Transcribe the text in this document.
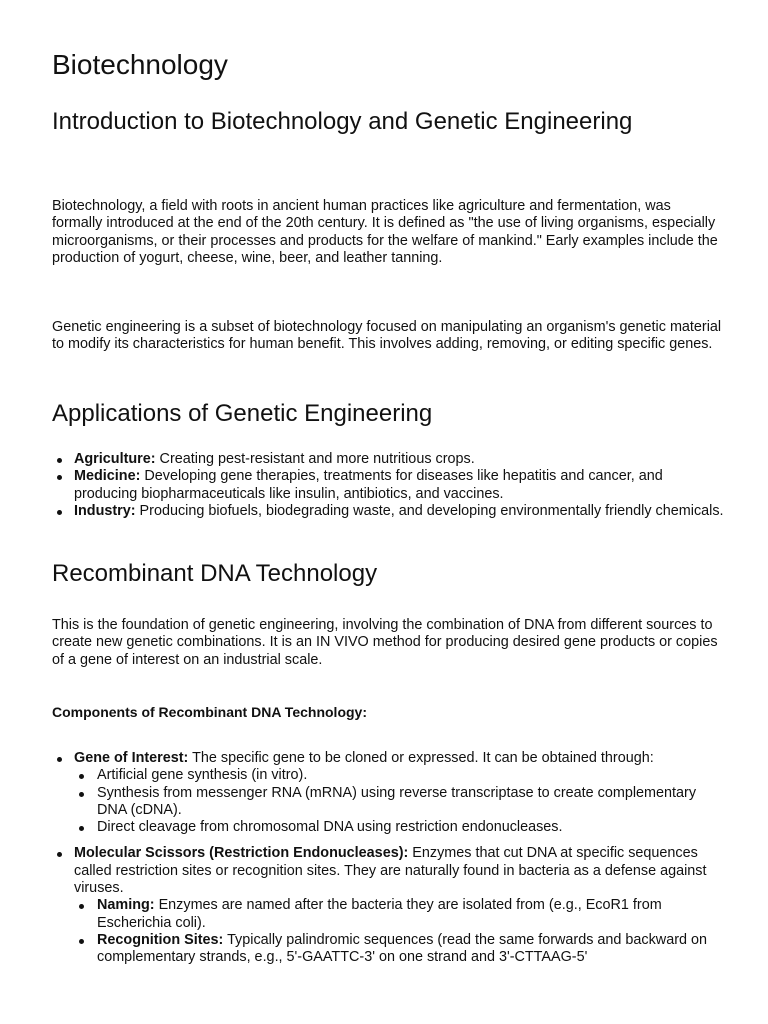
Biotechnology
Introduction to Biotechnology and Genetic Engineering

Biotechnology, a field with roots in ancient human practices like agriculture and fermentation, was formally introduced at the end of the 20th century. It is defined as "the use of living organisms, especially microorganisms, or their processes and products for the welfare of mankind." Early examples include the production of yogurt, cheese, wine, beer, and leather tanning.

Genetic engineering is a subset of biotechnology focused on manipulating an organism's genetic material to modify its characteristics for human benefit. This involves adding, removing, or editing specific genes.

Applications of Genetic Engineering
Agriculture: Creating pest-resistant and more nutritious crops.
Medicine: Developing gene therapies, treatments for diseases like hepatitis and cancer, and producing biopharmaceuticals like insulin, antibiotics, and vaccines.
Industry: Producing biofuels, biodegrading waste, and developing environmentally friendly chemicals.
Recombinant DNA Technology

This is the foundation of genetic engineering, involving the combination of DNA from different sources to create new genetic combinations. It is an IN VIVO method for producing desired gene products or copies of a gene of interest on an industrial scale.

Components of Recombinant DNA Technology:

Gene of Interest: The specific gene to be cloned or expressed. It can be obtained through:
Artificial gene synthesis (in vitro).
Synthesis from messenger RNA (mRNA) using reverse transcriptase to create complementary DNA (cDNA).
Direct cleavage from chromosomal DNA using restriction endonucleases.
Molecular Scissors (Restriction Endonucleases): Enzymes that cut DNA at specific sequences called restriction sites or recognition sites. They are naturally found in bacteria as a defense against viruses.
Naming: Enzymes are named after the bacteria they are isolated from (e.g., EcoR1 from Escherichia coli).
Recognition Sites: Typically palindromic sequences (read the same forwards and backward on complementary strands, e.g., 5'-GAATTC-3' on one strand and 3'-CTTAAG-5'
